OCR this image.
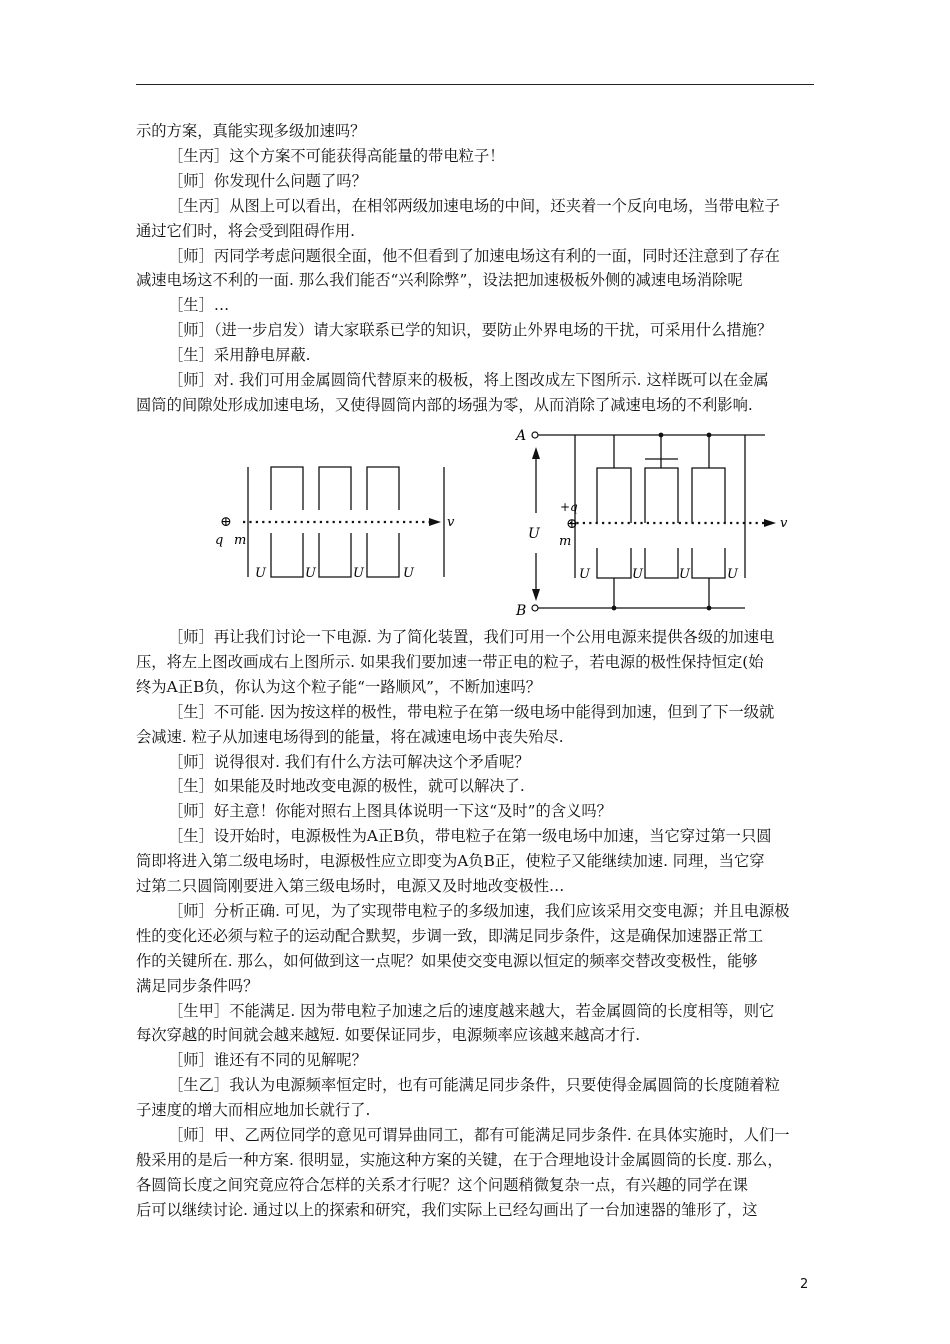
示的方案，真能实现多级加速吗？
［生丙］这个方案不可能获得高能量的带电粒子！
［师］你发现什么问题了吗？
［生丙］从图上可以看出，在相邻两级加速电场的中间，还夹着一个反向电场，当带电粒子
通过它们时，将会受到阻碍作用.
［师］丙同学考虑问题很全面，他不但看到了加速电场这有利的一面，同时还注意到了存在
减速电场这不利的一面. 那么我们能否“兴利除弊”，设法把加速极板外侧的减速电场消除呢
［生］…
［师］（进一步启发）请大家联系已学的知识，要防止外界电场的干扰，可采用什么措施？
［生］采用静电屏蔽.
［师］对. 我们可用金属圆筒代替原来的极板，将上图改成左下图所示. 这样既可以在金属
圆筒的间隙处形成加速电场，又使得圆筒内部的场强为零，从而消除了减速电场的不利影响.
⊕
q m
v
U	U	U	U
A
B
U
+q
⊕
m
v
U	U	U	U
［师］再让我们讨论一下电源. 为了简化装置，我们可用一个公用电源来提供各级的加速电
压，将左上图改画成右上图所示. 如果我们要加速一带正电的粒子，若电源的极性保持恒定(始
终为A正B负，你认为这个粒子能“一路顺风”，不断加速吗？
［生］不可能. 因为按这样的极性，带电粒子在第一级电场中能得到加速，但到了下一级就
会减速. 粒子从加速电场得到的能量，将在减速电场中丧失殆尽.
［师］说得很对. 我们有什么方法可解决这个矛盾呢？
［生］如果能及时地改变电源的极性，就可以解决了.
［师］好主意！你能对照右上图具体说明一下这“及时”的含义吗？
［生］设开始时，电源极性为A正B负，带电粒子在第一级电场中加速，当它穿过第一只圆
筒即将进入第二级电场时，电源极性应立即变为A负B正，使粒子又能继续加速. 同理，当它穿
过第二只圆筒刚要进入第三级电场时，电源又及时地改变极性…
［师］分析正确. 可见，为了实现带电粒子的多级加速，我们应该采用交变电源；并且电源极
性的变化还必须与粒子的运动配合默契，步调一致，即满足同步条件，这是确保加速器正常工
作的关键所在. 那么，如何做到这一点呢？如果使交变电源以恒定的频率交替改变极性，能够
满足同步条件吗？
［生甲］不能满足. 因为带电粒子加速之后的速度越来越大，若金属圆筒的长度相等，则它
每次穿越的时间就会越来越短. 如要保证同步，电源频率应该越来越高才行.
［师］谁还有不同的见解呢？
［生乙］我认为电源频率恒定时，也有可能满足同步条件，只要使得金属圆筒的长度随着粒
子速度的增大而相应地加长就行了.
［师］甲、乙两位同学的意见可谓异曲同工，都有可能满足同步条件. 在具体实施时，人们一
般采用的是后一种方案. 很明显，实施这种方案的关键，在于合理地设计金属圆筒的长度. 那么，
各圆筒长度之间究竟应符合怎样的关系才行呢？这个问题稍微复杂一点，有兴趣的同学在课
后可以继续讨论. 通过以上的探索和研究，我们实际上已经勾画出了一台加速器的雏形了，这
2
